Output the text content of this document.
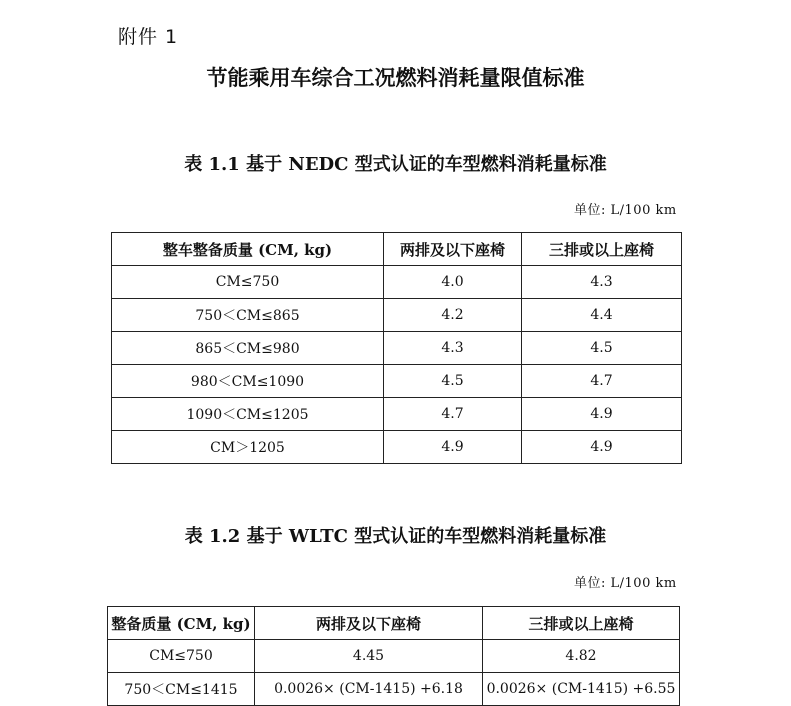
附件 1
节能乘用车综合工况燃料消耗量限值标准
表 1.1 基于 NEDC 型式认证的车型燃料消耗量标准
单位: L/100 km
整车整备质量 (CM, kg)	两排及以下座椅	三排或以上座椅
CM≤750	4.0	4.3
750＜CM≤865	4.2	4.4
865＜CM≤980	4.3	4.5
980＜CM≤1090	4.5	4.7
1090＜CM≤1205	4.7	4.9
CM＞1205	4.9	4.9
表 1.2 基于 WLTC 型式认证的车型燃料消耗量标准
单位: L/100 km
整备质量 (CM, kg)	两排及以下座椅	三排或以上座椅
CM≤750	4.45	4.82
750＜CM≤1415	0.0026× (CM-1415) +6.18	0.0026× (CM-1415) +6.55
